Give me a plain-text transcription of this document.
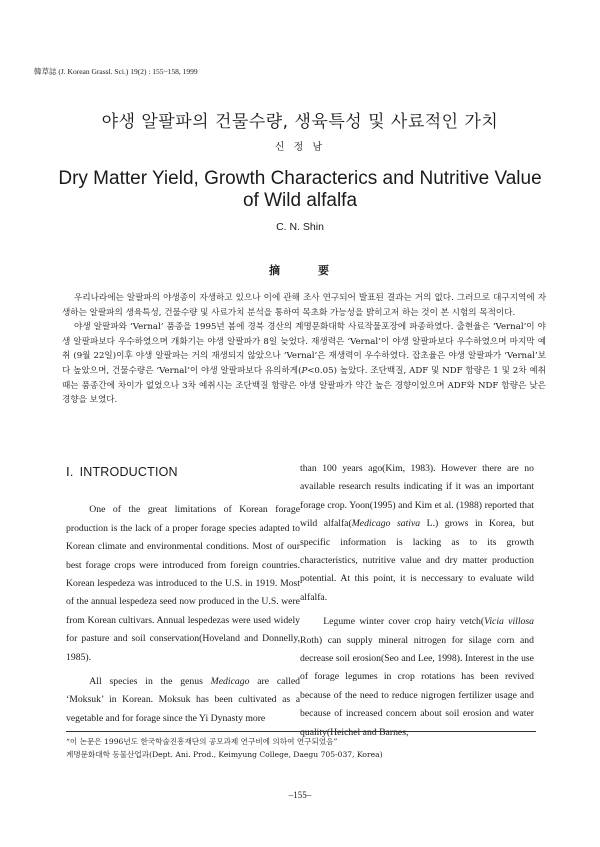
韓草誌 (J. Korean Grassl. Sci.) 19(2) : 155~158, 1999
야생 알팔파의 건물수량, 생육특성 및 사료적인 가치
신 정 남
Dry Matter Yield, Growth Characterics and Nutritive Value
of Wild alfalfa
C. N. Shin
摘	要

우리나라에는 알팔파의 야생종이 자생하고 있으나 이에 관해 조사 연구되어 발표된 결과는 거의 없다. 그러므로 대구지역에 자생하는 알팔파의 생육특성, 건물수량 및 사료가치 분석을 통하여 목초화 가능성을 밝히고저 하는 것이 본 시험의 목적이다.

야생 알팔파와 ‘Vernal’ 품종을 1995년 봄에 경북 경산의 계명문화대학 사료작물포장에 파종하였다. 출현율은 ‘Vernal’이 야생 알팔파보다 우수하였으며 개화기는 야생 알팔파가 8일 늦었다. 재생력은 ‘Vernal’이 야생 알팔파보다 우수하였으며 마지막 예취 (9월 22일)이후 야생 알팔파는 거의 재생되지 않았으나 ‘Vernal’은 재생력이 우수하였다. 잡초율은 야생 알팔파가 ‘Vernal’보다 높았으며, 건물수량은 ‘Vernal’이 야생 알팔파보다 유의하게(P<0.05) 높았다. 조단백질, ADF 및 NDF 함량은 1 및 2차 예취때는 품종간에 차이가 없었으나 3차 예취시는 조단백질 함량은 야생 알팔파가 약간 높은 경향이었으며 ADF와 NDF 함량은 낮은 경향을 보였다.

Ⅰ. INTRODUCTION

One of the great limitations of Korean forage production is the lack of a proper forage species adapted to Korean climate and environmental conditions. Most of our best forage crops were introduced from foreign countries. Korean lespedeza was introduced to the U.S. in 1919. Most of the annual lespedeza seed now produced in the U.S. were from Korean cultivars. Annual lespedezas were used widely for pasture and soil conservation(Hoveland and Donnelly, 1985).

All species in the genus Medicago are called ‘Moksuk’ in Korean. Moksuk has been cultivated as a vegetable and for forage since the Yi Dynasty more

than 100 years ago(Kim, 1983). However there are no available research results indicating if it was an important forage crop. Yoon(1995) and Kim et al. (1988) reported that wild alfalfa(Medicago sativa L.) grows in Korea, but specific information is lacking as to its growth characteristics, nutritive value and dry matter production potential. At this point, it is neccessary to evaluate wild alfalfa.

Legume winter cover crop hairy vetch(Vicia villosa Roth) can supply mineral nitrogen for silage corn and decrease soil erosion(Seo and Lee, 1998). Interest in the use of forage legumes in crop rotations has been revived because of the need to reduce nigrogen fertilizer usage and because of increased concern about soil erosion and water quality(Heichel and Barnes,

“이 논문은 1996년도 한국학술진흥재단의 공모과제 연구비에 의하여 연구되었음”
계명문화대학 동물산업과(Dept. Ani. Prod., Keimyung College, Daegu 705-037, Korea)
–155–
